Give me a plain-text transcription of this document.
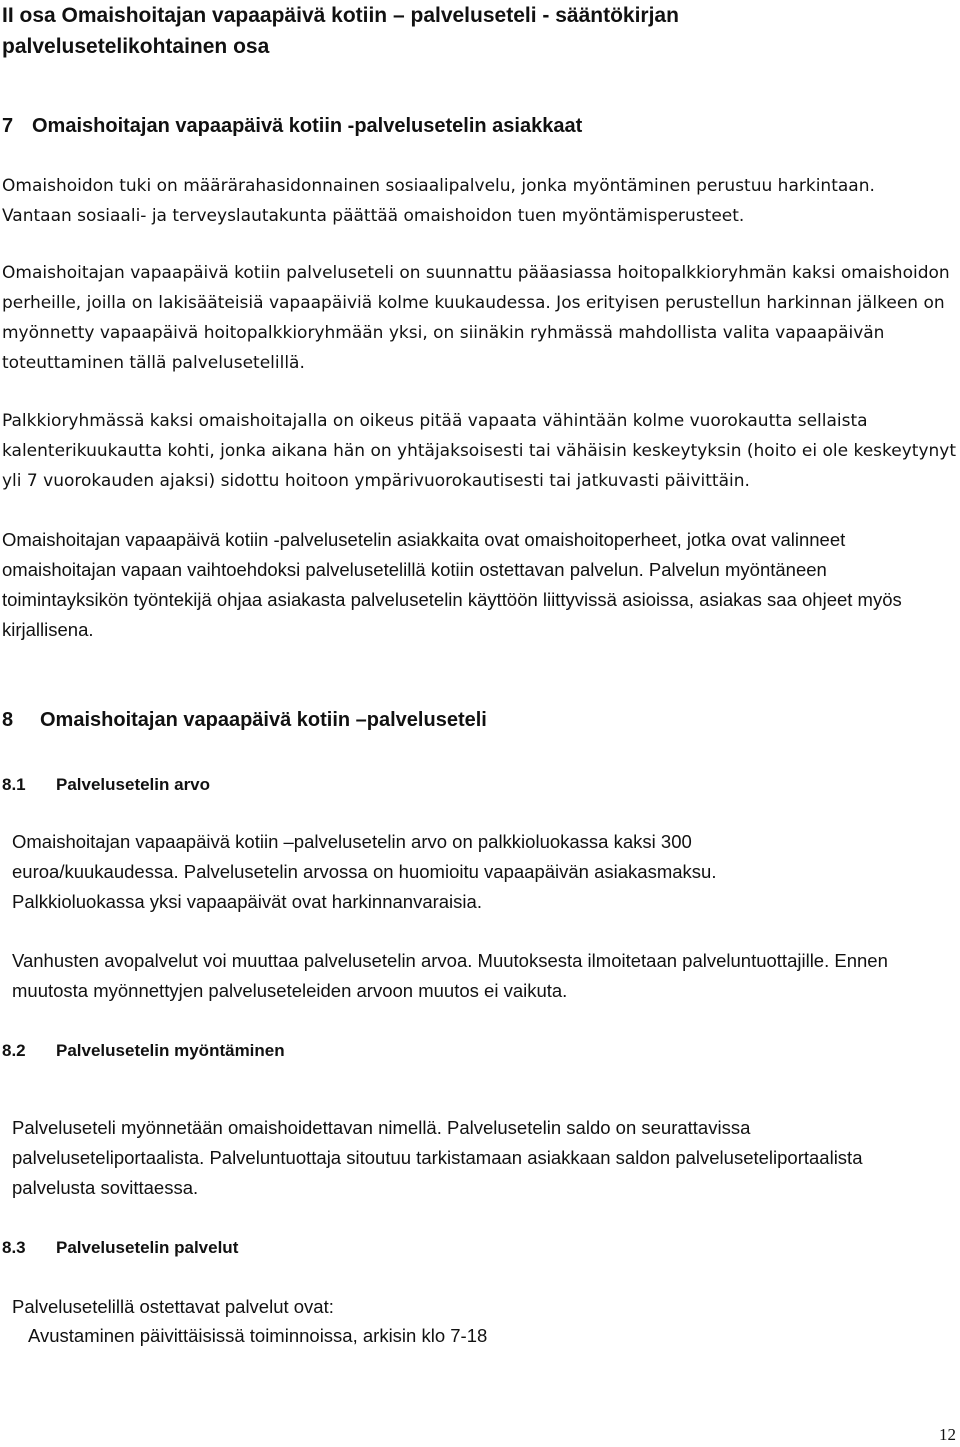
II osa Omaishoitajan vapaapäivä kotiin – palveluseteli - sääntökirjan palvelusetelikohtainen osa
7 Omaishoitajan vapaapäivä kotiin -palvelusetelin asiakkaat

Omaishoidon tuki on määrärahasidonnainen sosiaalipalvelu, jonka myöntäminen perustuu harkintaan. Vantaan sosiaali- ja terveyslautakunta päättää omaishoidon tuen myöntämisperusteet.

Omaishoitajan vapaapäivä kotiin palveluseteli on suunnattu pääasiassa hoitopalkkioryhmän kaksi omaishoidon perheille, joilla on lakisääteisiä vapaapäiviä kolme kuukaudessa. Jos erityisen perustellun harkinnan jälkeen on myönnetty vapaapäivä hoitopalkkioryhmään yksi, on siinäkin ryhmässä mahdollista valita vapaapäivän toteuttaminen tällä palvelusetelillä.

Palkkioryhmässä kaksi omaishoitajalla on oikeus pitää vapaata vähintään kolme vuorokautta sellaista kalenterikuukautta kohti, jonka aikana hän on yhtäjaksoisesti tai vähäisin keskeytyksin (hoito ei ole keskeytynyt yli 7 vuorokauden ajaksi) sidottu hoitoon ympärivuorokautisesti tai jatkuvasti päivittäin.

Omaishoitajan vapaapäivä kotiin -palvelusetelin asiakkaita ovat omaishoitoperheet, jotka ovat valinneet omaishoitajan vapaan vaihtoehdoksi palvelusetelillä kotiin ostettavan palvelun. Palvelun myöntäneen toimintayksikön työntekijä ohjaa asiakasta palvelusetelin käyttöön liittyvissä asioissa, asiakas saa ohjeet myös kirjallisena.

8 Omaishoitajan vapaapäivä kotiin –palveluseteli
8.1 Palvelusetelin arvo

Omaishoitajan vapaapäivä kotiin –palvelusetelin arvo on palkkioluokassa kaksi 300 euroa/kuukaudessa. Palvelusetelin arvossa on huomioitu vapaapäivän asiakasmaksu. Palkkioluokassa yksi vapaapäivät ovat harkinnanvaraisia.

Vanhusten avopalvelut voi muuttaa palvelusetelin arvoa. Muutoksesta ilmoitetaan palveluntuottajille. Ennen muutosta myönnettyjen palveluseteleiden arvoon muutos ei vaikuta.

8.2 Palvelusetelin myöntäminen

Palveluseteli myönnetään omaishoidettavan nimellä. Palvelusetelin saldo on seurattavissa palveluseteliportaalista. Palveluntuottaja sitoutuu tarkistamaan asiakkaan saldon palveluseteliportaalista palvelusta sovittaessa.

8.3 Palvelusetelin palvelut

Palvelusetelillä ostettavat palvelut ovat:

Avustaminen päivittäisissä toiminnoissa, arkisin klo 7-18

12
